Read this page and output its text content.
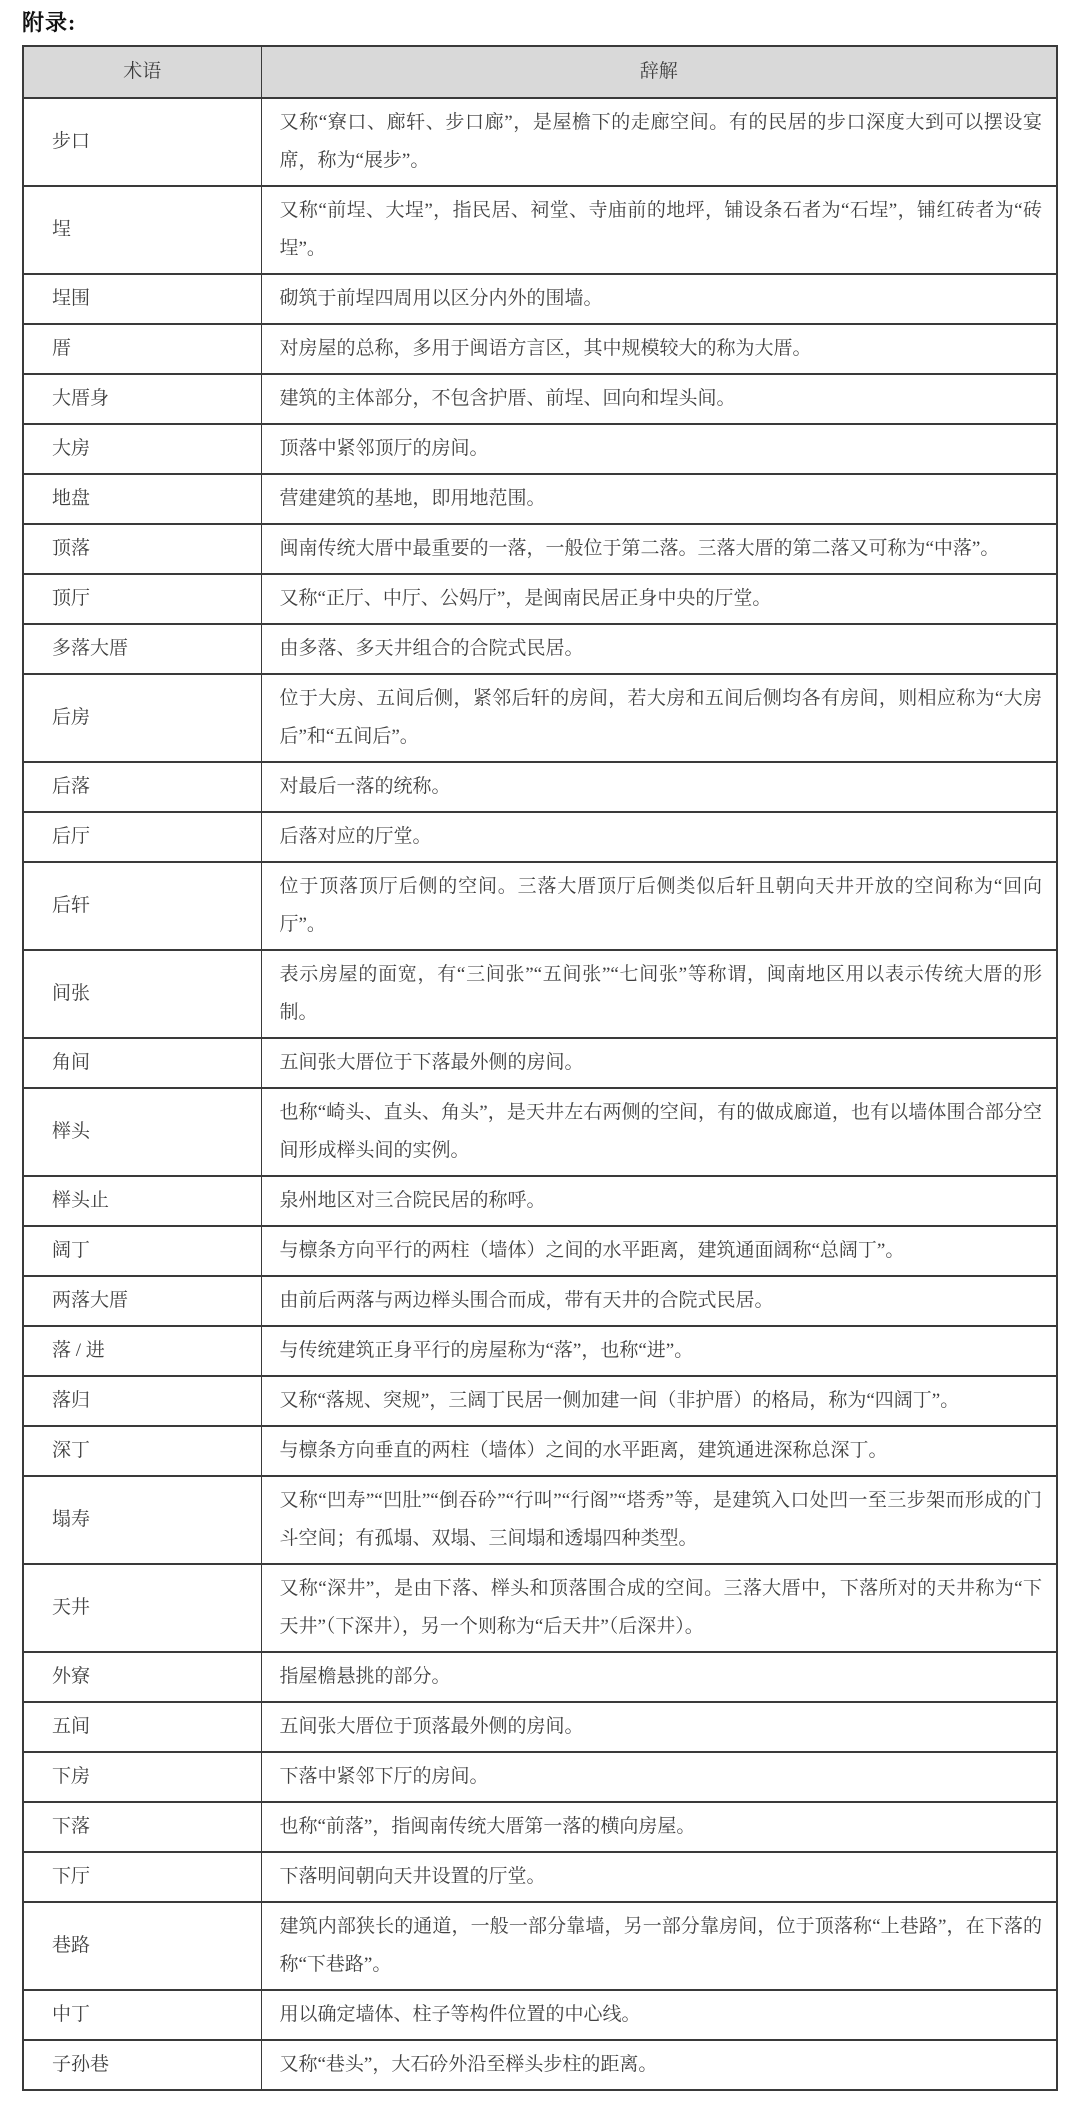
附录:
术语	辞解
步口	又称“寮口、廊轩、步口廊”，是屋檐下的走廊空间。有的民居的步口深度大到可以摆设宴席，称为“展步”。
埕	又称“前埕、大埕”，指民居、祠堂、寺庙前的地坪，铺设条石者为“石埕”，铺红砖者为“砖埕”。
埕围	砌筑于前埕四周用以区分内外的围墙。
厝	对房屋的总称，多用于闽语方言区，其中规模较大的称为大厝。
大厝身	建筑的主体部分，不包含护厝、前埕、回向和埕头间。
大房	顶落中紧邻顶厅的房间。
地盘	营建建筑的基地，即用地范围。
顶落	闽南传统大厝中最重要的一落，一般位于第二落。三落大厝的第二落又可称为“中落”。
顶厅	又称“正厅、中厅、公妈厅”，是闽南民居正身中央的厅堂。
多落大厝	由多落、多天井组合的合院式民居。
后房	位于大房、五间后侧，紧邻后轩的房间，若大房和五间后侧均各有房间，则相应称为“大房后”和“五间后”。
后落	对最后一落的统称。
后厅	后落对应的厅堂。
后轩	位于顶落顶厅后侧的空间。三落大厝顶厅后侧类似后轩且朝向天井开放的空间称为“回向厅”。
间张	表示房屋的面宽，有“三间张”“五间张”“七间张”等称谓，闽南地区用以表示传统大厝的形制。
角间	五间张大厝位于下落最外侧的房间。
榉头	也称“崎头、直头、角头”，是天井左右两侧的空间，有的做成廊道，也有以墙体围合部分空间形成榉头间的实例。
榉头止	泉州地区对三合院民居的称呼。
阔丁	与檩条方向平行的两柱（墙体）之间的水平距离，建筑通面阔称“总阔丁”。
两落大厝	由前后两落与两边榉头围合而成，带有天井的合院式民居。
落 / 进	与传统建筑正身平行的房屋称为“落”，也称“进”。
落归	又称“落规、突规”，三阔丁民居一侧加建一间（非护厝）的格局，称为“四阔丁”。
深丁	与檩条方向垂直的两柱（墙体）之间的水平距离，建筑通进深称总深丁。
塌寿	又称“凹寿”“凹肚”“倒吞砛”“行叫”“行阁”“塔秀”等，是建筑入口处凹一至三步架而形成的门斗空间；有孤塌、双塌、三间塌和透塌四种类型。
天井	又称“深井”，是由下落、榉头和顶落围合成的空间。三落大厝中，下落所对的天井称为“下天井”（下深井），另一个则称为“后天井”（后深井）。
外寮	指屋檐悬挑的部分。
五间	五间张大厝位于顶落最外侧的房间。
下房	下落中紧邻下厅的房间。
下落	也称“前落”，指闽南传统大厝第一落的横向房屋。
下厅	下落明间朝向天井设置的厅堂。
巷路	建筑内部狭长的通道，一般一部分靠墙，另一部分靠房间，位于顶落称“上巷路”，在下落的称“下巷路”。
中丁	用以确定墙体、柱子等构件位置的中心线。
子孙巷	又称“巷头”，大石砛外沿至榉头步柱的距离。
